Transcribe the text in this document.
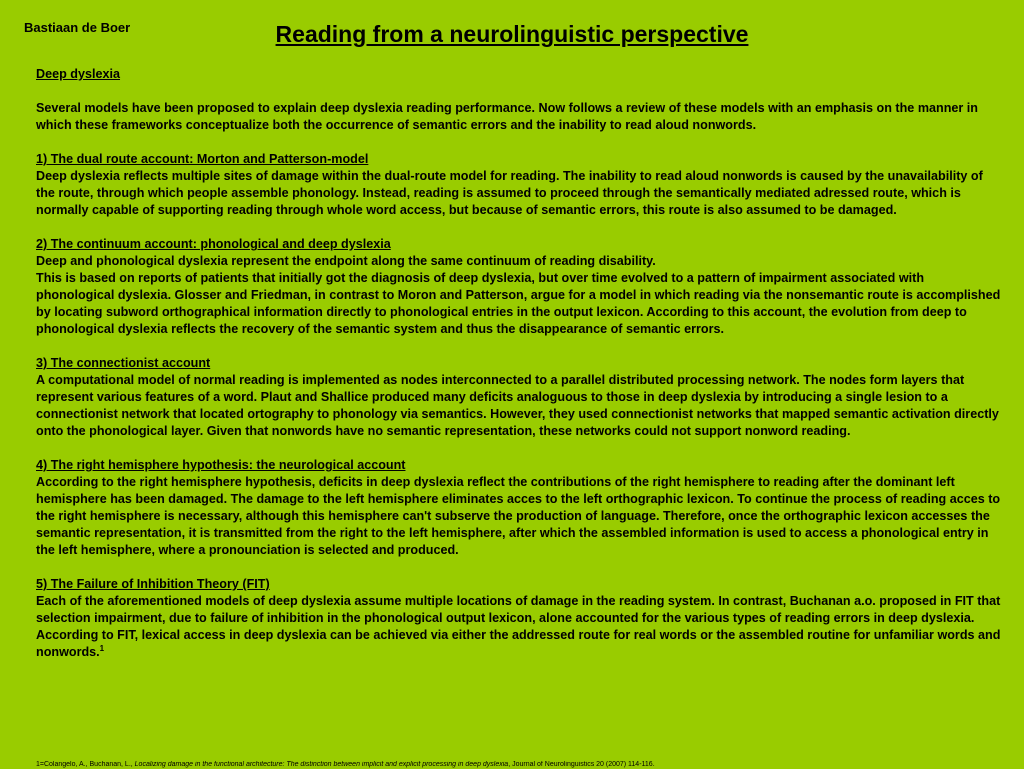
Bastiaan de Boer	Reading from a neurolinguistic perspective

Deep dyslexia

Several models have been proposed to explain deep dyslexia reading performance. Now follows a review of these models with an emphasis on the manner in which these frameworks conceptualize both the occurrence of semantic errors and the inability to read aloud nonwords.

1) The dual route account: Morton and Patterson-model

Deep dyslexia reflects multiple sites of damage within the dual-route model for reading. The inability to read aloud nonwords is caused by the unavailability of the route, through which people assemble phonology. Instead, reading is assumed to proceed through the semantically mediated adressed route, which is normally capable of supporting reading through whole word access, but because of semantic errors, this route is also assumed to be damaged.

2) The continuum account: phonological and deep dyslexia

Deep and phonological dyslexia represent the endpoint along the same continuum of reading disability.

This is based on reports of patients that initially got the diagnosis of deep dyslexia, but over time evolved to a pattern of impairment associated with phonological dyslexia. Glosser and Friedman, in contrast to Moron and Patterson, argue for a model in which reading via the nonsemantic route is accomplished by locating subword orthographical information directly to phonological entries in the output lexicon. According to this account, the evolution from deep to phonological dyslexia reflects the recovery of the semantic system and thus the disappearance of semantic errors.

3) The connectionist account

A computational model of normal reading is implemented as nodes interconnected to a parallel distributed processing network. The nodes form layers that represent various features of a word. Plaut and Shallice produced many deficits analoguous to those in deep dyslexia by introducing a single lesion to a connectionist network that located ortography to phonology via semantics. However, they used connectionist networks that mapped semantic activation directly onto the phonological layer. Given that nonwords have no semantic representation, these networks could not support nonword reading.

4) The right hemisphere hypothesis: the neurological account

According to the right hemisphere hypothesis, deficits in deep dyslexia reflect the contributions of the right hemisphere to reading after the dominant left hemisphere has been damaged. The damage to the left hemisphere eliminates acces to the left orthographic lexicon. To continue the process of reading acces to the right hemisphere is necessary, although this hemisphere can't subserve the production of language. Therefore, once the orthographic lexicon accesses the semantic representation, it is transmitted from the right to the left hemisphere, after which the assembled information is used to access a phonological entry in the left hemisphere, where a pronounciation is selected and produced.

5) The Failure of Inhibition Theory (FIT)

Each of the aforementioned models of deep dyslexia assume multiple locations of damage in the reading system. In contrast, Buchanan a.o. proposed in FIT that selection impairment, due to failure of inhibition in the phonological output lexicon, alone accounted for the various types of reading errors in deep dyslexia. According to FIT, lexical access in deep dyslexia can be achieved via either the addressed route for real words or the assembled routine for unfamiliar words and nonwords.$^1$

1=Colangelo, A., Buchanan, L., Localizing damage in the functional architecture: The distinction between implicit and explicit processing in deep dyslexia, Journal of Neurolinguistics 20 (2007) 114-116.
